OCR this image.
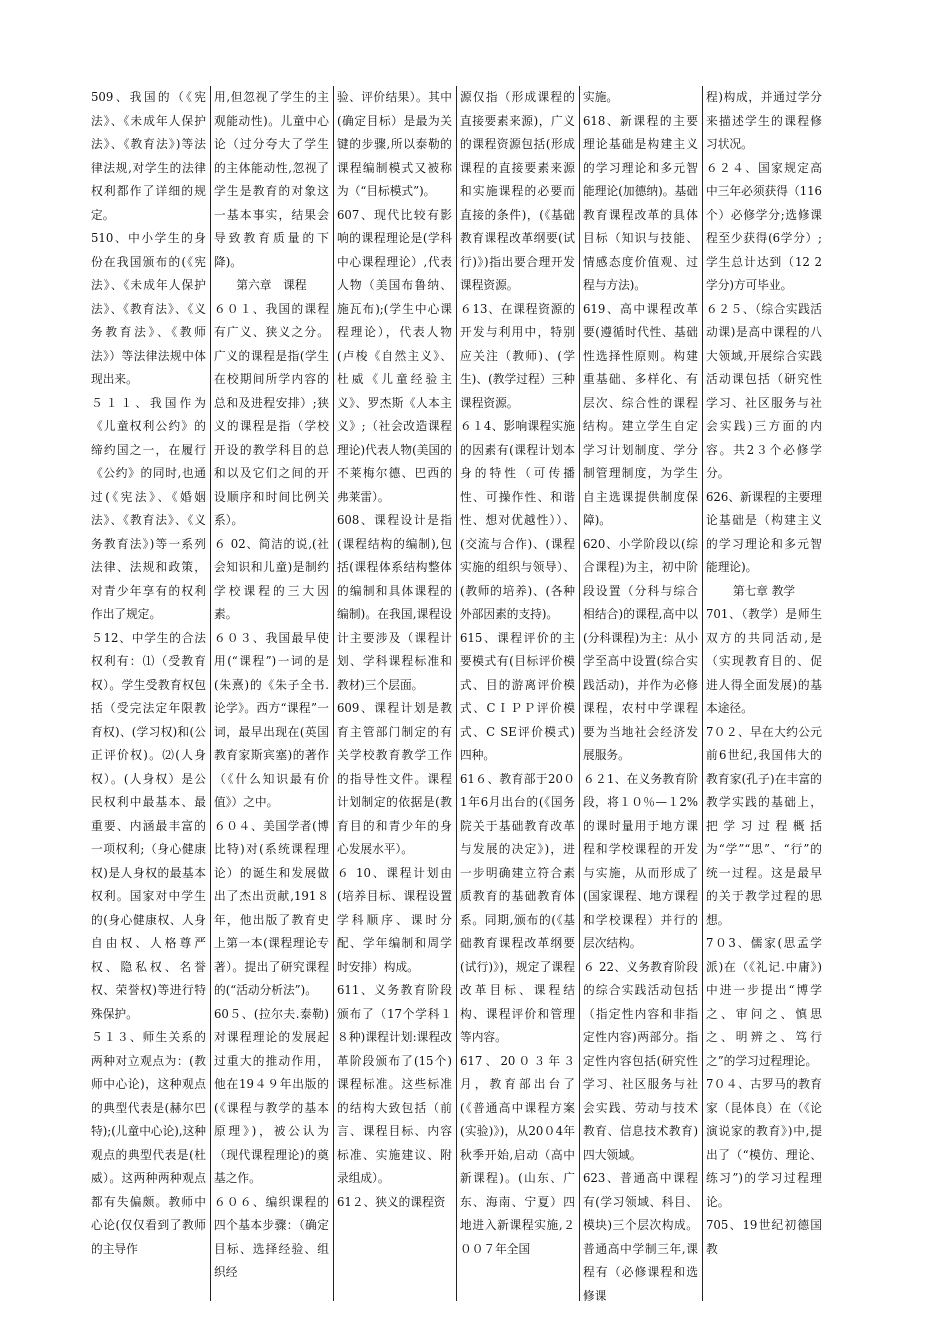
509、我国的（《宪法》、《未成年人保护法》、《教育法》)等法律法规,对学生的法律权利都作了详细的规定。

510、中小学生的身份在我国颁布的(《宪法》、《未成年人保护法》、《教育法》、《义务教育法》、《教师法》）等法律法规中体现出来。

５１１、我国作为《儿童权利公约》的缔约国之一，在履行《公约》的同时,也通过(《宪法》、《婚姻法》、《教育法》、《义务教育法》)等一系列法律、法规和政策，对青少年享有的权利作出了规定。

５12、中学生的合法权利有：⑴（受教育权）。学生受教育权包括（受完法定年限教育权)、(学习权)和(公正评价权)。⑵(人身权）。(人身权）是公民权利中最基本、最重要、内涵最丰富的一项权利;（身心健康权)是人身权的最基本权利。国家对中学生的(身心健康权、人身自由权、人格尊严权、隐私权、名誉权、荣誉权)等进行特殊保护。

５１３、师生关系的两种对立观点为：(教师中心论)，这种观点的典型代表是(赫尔巴特);(儿童中心论),这种观点的典型代表是(杜威）。这两种两种观点都有失偏颇。教师中心论(仅仅看到了教师的主导作

用,但忽视了学生的主观能动性)。儿童中心论（过分夸大了学生的主体能动性,忽视了学生是教育的对象这一基本事实，结果会导致教育质量的下降)。

第六章　课程

６０１、我国的课程有广义、狭义之分。广义的课程是指(学生在校期间所学内容的总和及进程安排）;狭义的课程是指（学校开设的教学科目的总和以及它们之间的开设顺序和时间比例关系）。

６ 02、简洁的说,(社会知识和儿童)是制约学校课程的三大因素。

６０３、我国最早使用(“课程”)一词的是(朱熹)的《朱子全书.论学》。西方“课程”一词，最早出现在(英国教育家斯宾塞)的著作（《什么知识最有价值》）之中。

６０４、美国学者(博比特)对(系统课程理论）的诞生和发展做出了杰出贡献,191８年，他出版了教育史上第一本(课程理论专著）。提出了研究课程的(“活动分析法”)。

60５、(拉尔夫.泰勒)对课程理论的发展起过重大的推动作用，他在19４９年出版的(《课程与教学的基本原理》)，被公认为（现代课程理论)的奠基之作。

６０６、编织课程的四个基本步骤：（确定目标、选择经验、组织经

验、评价结果）。其中(确定目标）是最为关键的步骤,所以泰勒的课程编制模式又被称为（“目标模式”)。

607、现代比较有影响的课程理论是(学科中心课程理论）,代表人物（美国布鲁纳、施瓦布);(学生中心课程理论），代表人物(卢梭《自然主义》、杜威《儿童经验主义》、罗杰斯《人本主义》;（社会改造课程理论)代表人物(美国的不莱梅尔德、巴西的弗莱雷）。

608、课程设计是指(课程结构的编制),包括(课程体系结构整体的编制和具体课程的编制)。在我国,课程设计主要涉及（课程计划、学科课程标准和教材)三个层面。

609、课程计划是教育主管部门制定的有关学校教育教学工作的指导性文件。课程计划制定的依据是(教育目的和青少年的身心发展水平）。

６ 10、课程计划由(培养目标、课程设置学科顺序、课时分配、学年编制和周学时安排）构成。

611、义务教育阶段颁布了（17个学科１８种)课程计划:课程改革阶段颁布了(15个)课程标准。这些标准的结构大致包括（前言、课程目标、内容标准、实施建议、附录组成）。

61２、狭义的课程资

源仅指（形成课程的直接要素来源)，广义的课程资源包括(形成课程的直接要素来源和实施课程的必要而直接的条件)，(《基础教育课程改革纲要(试行)》)指出要合理开发课程资源。

６13、在课程资源的开发与利用中，特别应关注（教师)、(学生)、(教学过程）三种课程资源。

６１4、影响课程实施的因素有(课程计划本身的特性（可传播性、可操作性、和谐性、想对优越性））、(交流与合作)、(课程实施的组织与领导）、(教师的培养)、(各种外部因素的支持)。

615、课程评价的主要模式有(目标评价模式、目的游离评价模式、CＩＰＰ评价模式、C SE评价模式)四种。

61６、教育部于20０1年6月出台的(《国务院关于基础教育改革与发展的决定》)，进一步明确建立符合素质教育的基础教育体系。同期,颁布的(《基础教育课程改革纲要(试行)》)，规定了课程改革目标、课程结构、课程评价和管理等内容。

617、20０３年３月，教育部出台了(《普通高中课程方案(实验)》)，从20０4年秋季开始,启动（高中新课程)。(山东、广东、海南、宁夏）四地进入新课程实施,２００７年全国

实施。

618、新课程的主要理论基础是构建主义的学习理论和多元智能理论(加德纳)。基础教育课程改革的具体目标（知识与技能、情感态度价值观、过程与方法)。

619、高中课程改革要(遵循时代性、基础性选择性原则。构建重基础、多样化、有层次、综合性的课程结构。建立学生自定学习计划制度、学分制管理制度，为学生自主选课提供制度保障)。

620、小学阶段以(综合课程)为主，初中阶段设置（分科与综合相结合)的课程,高中以(分科课程)为主：从小学至高中设置(综合实践活动)，并作为必修课程，农村中学课程要为当地社会经济发展服务。

６２1、在义务教育阶段，将１０％—１2%的课时量用于地方课程和学校课程的开发与实施，从而形成了(国家课程、地方课程和学校课程）并行的层次结构。

６ 22、义务教育阶段的综合实践活动包括（指定性内容和非指定性内容)两部分。指定性内容包括(研究性学习、社区服务与社会实践、劳动与技术教育、信息技术教育)四大领域。

623、普通高中课程有(学习领域、科目、模块)三个层次构成。普通高中学制三年,课程有（必修课程和选修课

程)构成，并通过学分来描述学生的课程修习状况。

６２４、国家规定高中三年必须获得（116个）必修学分;选修课程至少获得(6学分）;学生总计达到（12 2学分)方可毕业。

６２５、（综合实践活动课)是高中课程的八大领域,开展综合实践活动课包括（研究性学习、社区服务与社会实践)三方面的内容。共2３个必修学分。

626、新课程的主要理论基础是（构建主义的学习理论和多元智能理论)。

第七章 教学

701、（教学）是师生双方的共同活动,是（实现教育目的、促进人得全面发展)的基本途径。

7０２、早在大约公元前6世纪,我国伟大的教育家(孔子)在丰富的教学实践的基础上，把学习过程概括为“学”“思”、“行”的统一过程。这是最早的关于教学过程的思想。

7０3、儒家(思孟学派)在（《礼记.中庸》)中进一步提出“博学之、审问之、慎思之、明辨之、笃行之”的学习过程理论。

7０４、古罗马的教育家（昆体良）在（《论演说家的教育》)中,提出了（“模仿、理论、练习”)的学习过程理论。

705、19世纪初德国教
